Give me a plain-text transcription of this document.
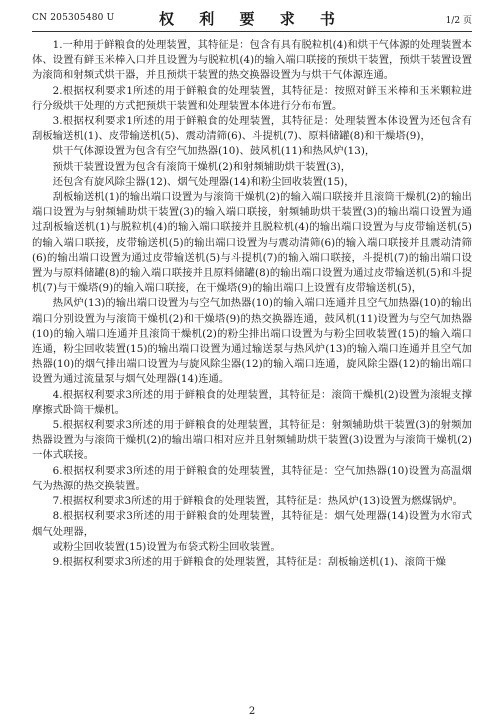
CN 205305480 U	权 利 要 求 书	1/2 页

1.一种用于鲜粮食的处理装置，其特征是：包含有具有脱粒机(4)和烘干气体源的处理装置本体、设置有鲜玉米棒入口并且设置为与脱粒机(4)的输入端口联接的预烘干装置，预烘干装置设置为滚筒和射频式烘干器，并且预烘干装置的热交换器设置为与烘干气体源连通。

2.根据权利要求1所述的用于鲜粮食的处理装置，其特征是：按照对鲜玉米棒和玉米颗粒进行分级烘干处理的方式把预烘干装置和处理装置本体进行分布布置。

3.根据权利要求1所述的用于鲜粮食的处理装置，其特征是：处理装置本体设置为还包含有刮板输送机(1)、皮带输送机(5)、震动清筛(6)、斗提机(7)、原料储罐(8)和干燥塔(9)，

烘干气体源设置为包含有空气加热器(10)、鼓风机(11)和热风炉(13)，

预烘干装置设置为包含有滚筒干燥机(2)和射频辅助烘干装置(3)，

还包含有旋风除尘器(12)、烟气处理器(14)和粉尘回收装置(15)，

刮板输送机(1)的输出端口设置为与滚筒干燥机(2)的输入端口联接并且滚筒干燥机(2)的输出端口设置为与射频辅助烘干装置(3)的输入端口联接，射频辅助烘干装置(3)的输出端口设置为通过刮板输送机(1)与脱粒机(4)的输入端口联接并且脱粒机(4)的输出端口设置为与皮带输送机(5)的输入端口联接，皮带输送机(5)的输出端口设置为与震动清筛(6)的输入端口联接并且震动清筛(6)的输出端口设置为通过皮带输送机(5)与斗提机(7)的输入端口联接，斗提机(7)的输出端口设置为与原料储罐(8)的输入端口联接并且原料储罐(8)的输出端口设置为通过皮带输送机(5)和斗提机(7)与干燥塔(9)的输入端口联接，在干燥塔(9)的输出端口上设置有皮带输送机(5)，

热风炉(13)的输出端口设置为与空气加热器(10)的输入端口连通并且空气加热器(10)的输出端口分别设置为与滚筒干燥机(2)和干燥塔(9)的热交换器连通，鼓风机(11)设置为与空气加热器(10)的输入端口连通并且滚筒干燥机(2)的粉尘排出端口设置为与粉尘回收装置(15)的输入端口连通，粉尘回收装置(15)的输出端口设置为通过输送泵与热风炉(13)的输入端口连通并且空气加热器(10)的烟气排出端口设置为与旋风除尘器(12)的输入端口连通，旋风除尘器(12)的输出端口设置为通过流量泵与烟气处理器(14)连通。

4.根据权利要求3所述的用于鲜粮食的处理装置，其特征是：滚筒干燥机(2)设置为滚辊支撑摩擦式卧筒干燥机。

5.根据权利要求3所述的用于鲜粮食的处理装置，其特征是：射频辅助烘干装置(3)的射频加热器设置为与滚筒干燥机(2)的输出端口相对应并且射频辅助烘干装置(3)设置为与滚筒干燥机(2)一体式联接。

6.根据权利要求3所述的用于鲜粮食的处理装置，其特征是：空气加热器(10)设置为高温烟气为热源的热交换装置。

7.根据权利要求3所述的用于鲜粮食的处理装置，其特征是：热风炉(13)设置为燃煤锅炉。

8.根据权利要求3所述的用于鲜粮食的处理装置，其特征是：烟气处理器(14)设置为水帘式烟气处理器，

或粉尘回收装置(15)设置为布袋式粉尘回收装置。

9.根据权利要求3所述的用于鲜粮食的处理装置，其特征是：刮板输送机(1)、滚筒干燥

2
